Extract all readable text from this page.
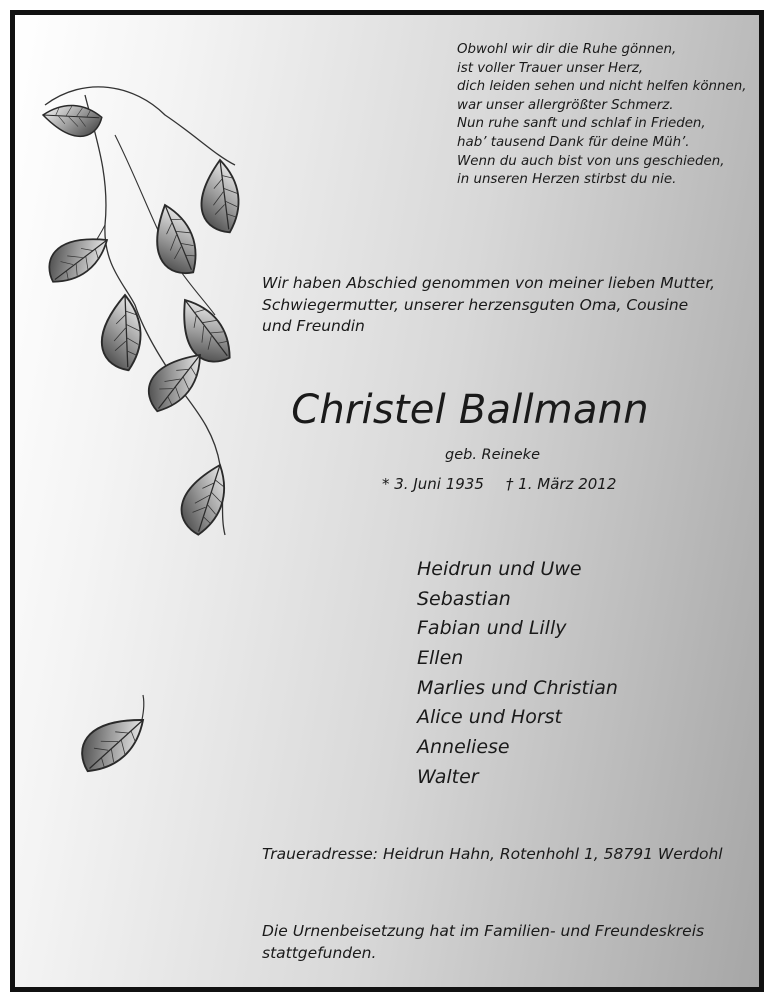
Obwohl wir dir die Ruhe gönnen,
ist voller Trauer unser Herz,
dich leiden sehen und nicht helfen können,
war unser allergrößter Schmerz.
Nun ruhe sanft und schlaf in Frieden,
hab’ tausend Dank für deine Müh’.
Wenn du auch bist von uns geschieden,
in unseren Herzen stirbst du nie.
Wir haben Abschied genommen von meiner lieben Mutter,
Schwiegermutter, unserer herzensguten Oma, Cousine
und Freundin
Christel Ballmann
geb. Reineke
* 3. Juni 1935 † 1. März 2012
Heidrun und Uwe
Sebastian
Fabian und Lilly
Ellen
Marlies und Christian
Alice und Horst
Anneliese
Walter
Traueradresse: Heidrun Hahn, Rotenhohl 1, 58791 Werdohl
Die Urnenbeisetzung hat im Familien- und Freundeskreis
stattgefunden.
